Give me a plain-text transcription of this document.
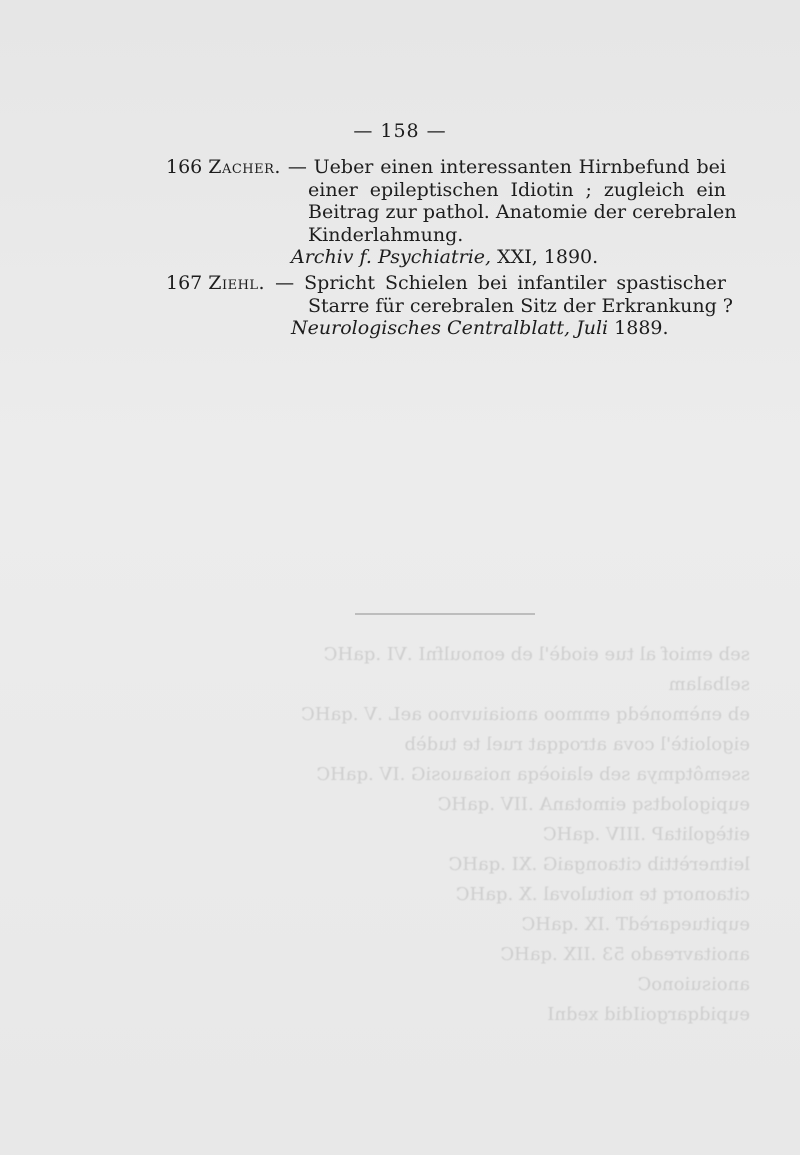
seb emiof al tue eiodè'l eb eonoulfnI .VI .qaHC
selbalam
eb enèmonèdq emmoo anoiaiuvnoo aeL .V .qaHC
eigoloitè'l cova atroqqat ruel te tudèb
ssemôtqmya seb elaioèqa noisauosiG .IV .qaHC
eupigolodtsq eimotanA .IIV .qaHC
eitègolitaP .IIIV .qaHC
leitnerèttib citaongaiG .XI .qaHC
citaonorq te noituloval .X .qaHC
eupitueqarèdT .IX .qaHC
anoitavreado 53 .IIX .qaHC
anoisuionoC
eupidqargoiIdid xednI
— 158 —
166 Zacher. — Ueber einen interessanten Hirnbefund bei
einer epileptischen Idiotin ; zugleich ein
Beitrag zur pathol. Anatomie der cerebralen
Kinderlahmung.
Archiv f. Psychiatrie, XXI, 1890.
167 Ziehl. — Spricht Schielen bei infantiler spastischer
Starre für cerebralen Sitz der Erkrankung ?
Neurologisches Centralblatt, Juli 1889.
